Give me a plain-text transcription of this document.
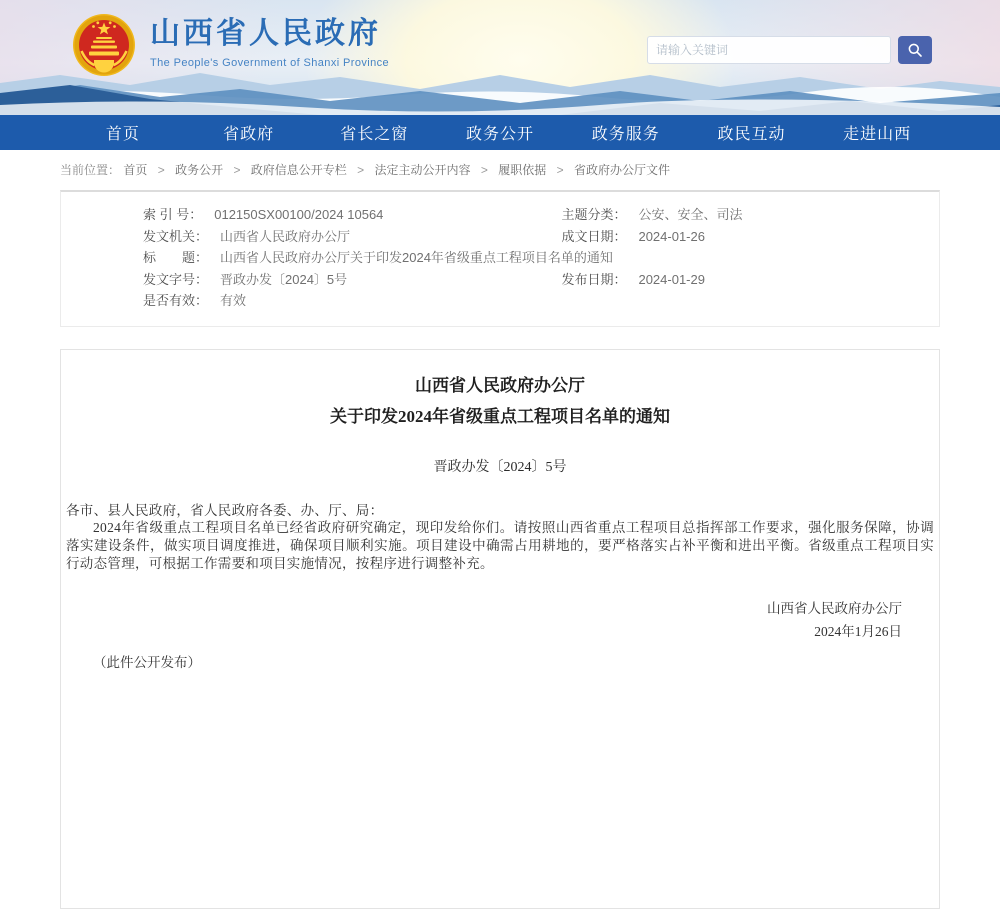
山西省人民政府
The People's Government of Shanxi Province
请输入关键词
首页	省政府	省长之窗	政务公开	政务服务	政民互动	走进山西
当前位置： 首页 > 政务公开 > 政府信息公开专栏 > 法定主动公开内容 > 履职依据 > 省政府办公厅文件
索 引 号： 012150SX00100/2024 10564	主题分类： 公安、安全、司法
发文机关： 山西省人民政府办公厅	成文日期： 2024-01-26
标　　题： 山西省人民政府办公厅关于印发2024年省级重点工程项目名单的通知
发文字号： 晋政办发〔2024〕5号	发布日期： 2024-01-29
是否有效： 有效
山西省人民政府办公厅
关于印发2024年省级重点工程项目名单的通知
晋政办发〔2024〕5号
各市、县人民政府，省人民政府各委、办、厅、局：
2024年省级重点工程项目名单已经省政府研究确定，现印发给你们。请按照山西省重点工程项目总指挥部工作要求，强化服务保障，协调落实建设条件，做实项目调度推进，确保项目顺利实施。项目建设中确需占用耕地的，要严格落实占补平衡和进出平衡。省级重点工程项目实行动态管理，可根据工作需要和项目实施情况，按程序进行调整补充。
山西省人民政府办公厅
2024年1月26日
（此件公开发布）
